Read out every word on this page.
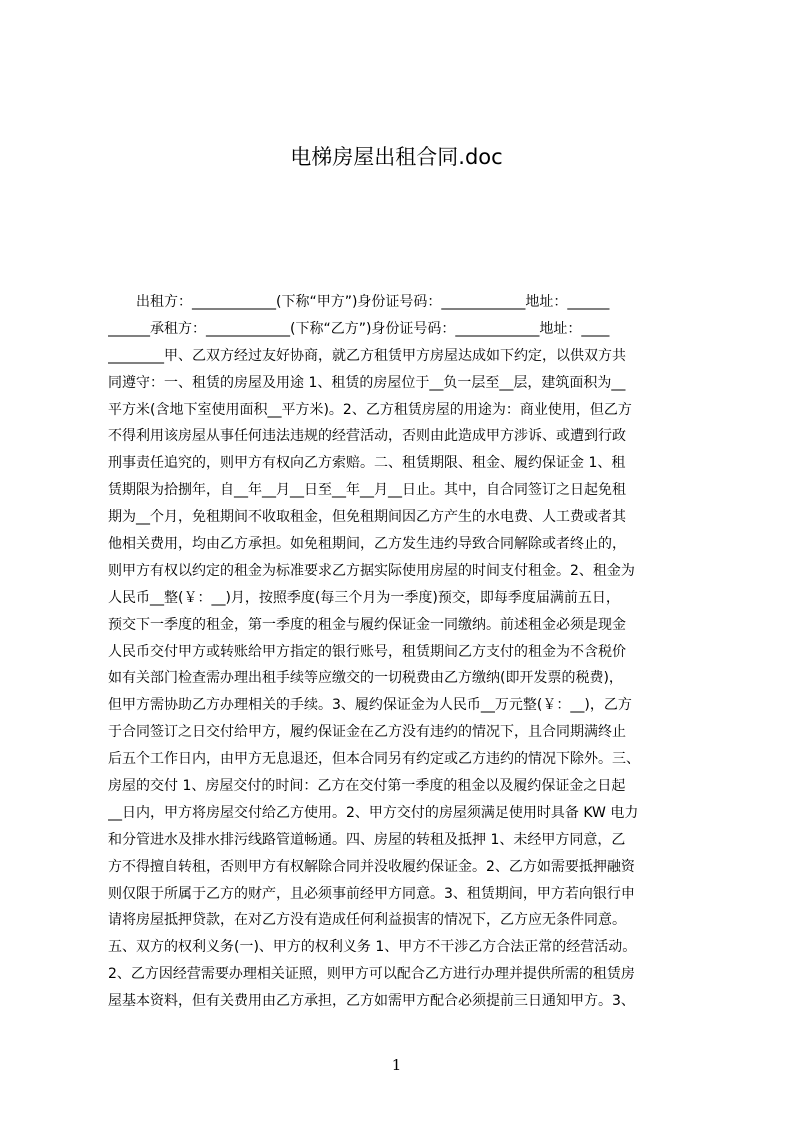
电梯房屋出租合同.doc
　　出租方：____________(下称“甲方”)身份证号码：____________地址：______
______承租方：____________(下称“乙方”)身份证号码：____________地址：____
________甲、乙双方经过友好协商，就乙方租赁甲方房屋达成如下约定，以供双方共
同遵守：一、租赁的房屋及用途 1、租赁的房屋位于__负一层至__层，建筑面积为__
平方米(含地下室使用面积__平方米)。2、乙方租赁房屋的用途为：商业使用，但乙方
不得利用该房屋从事任何违法违规的经营活动，否则由此造成甲方涉诉、或遭到行政
刑事责任追究的，则甲方有权向乙方索赔。二、租赁期限、租金、履约保证金 1、租
赁期限为拾捌年，自__年__月__日至__年__月__日止。其中，自合同签订之日起免租
期为__个月，免租期间不收取租金，但免租期间因乙方产生的水电费、人工费或者其
他相关费用，均由乙方承担。如免租期间，乙方发生违约导致合同解除或者终止的，
则甲方有权以约定的租金为标准要求乙方据实际使用房屋的时间支付租金。2、租金为
人民币__整(￥：__)月，按照季度(每三个月为一季度)预交，即每季度届满前五日，
预交下一季度的租金，第一季度的租金与履约保证金一同缴纳。前述租金必须是现金
人民币交付甲方或转账给甲方指定的银行账号，租赁期间乙方支付的租金为不含税价
如有关部门检查需办理出租手续等应缴交的一切税费由乙方缴纳(即开发票的税费)，
但甲方需协助乙方办理相关的手续。3、履约保证金为人民币__万元整(￥：__)，乙方
于合同签订之日交付给甲方，履约保证金在乙方没有违约的情况下，且合同期满终止
后五个工作日内，由甲方无息退还，但本合同另有约定或乙方违约的情况下除外。三、
房屋的交付 1、房屋交付的时间：乙方在交付第一季度的租金以及履约保证金之日起
__日内，甲方将房屋交付给乙方使用。2、甲方交付的房屋须满足使用时具备 KW 电力
和分管进水及排水排污线路管道畅通。四、房屋的转租及抵押 1、未经甲方同意，乙
方不得擅自转租，否则甲方有权解除合同并没收履约保证金。2、乙方如需要抵押融资
则仅限于所属于乙方的财产，且必须事前经甲方同意。3、租赁期间，甲方若向银行申
请将房屋抵押贷款，在对乙方没有造成任何利益损害的情况下，乙方应无条件同意。
五、双方的权利义务(一)、甲方的权利义务 1、甲方不干涉乙方合法正常的经营活动。
2、乙方因经营需要办理相关证照，则甲方可以配合乙方进行办理并提供所需的租赁房
屋基本资料，但有关费用由乙方承担，乙方如需甲方配合必须提前三日通知甲方。3、
1
